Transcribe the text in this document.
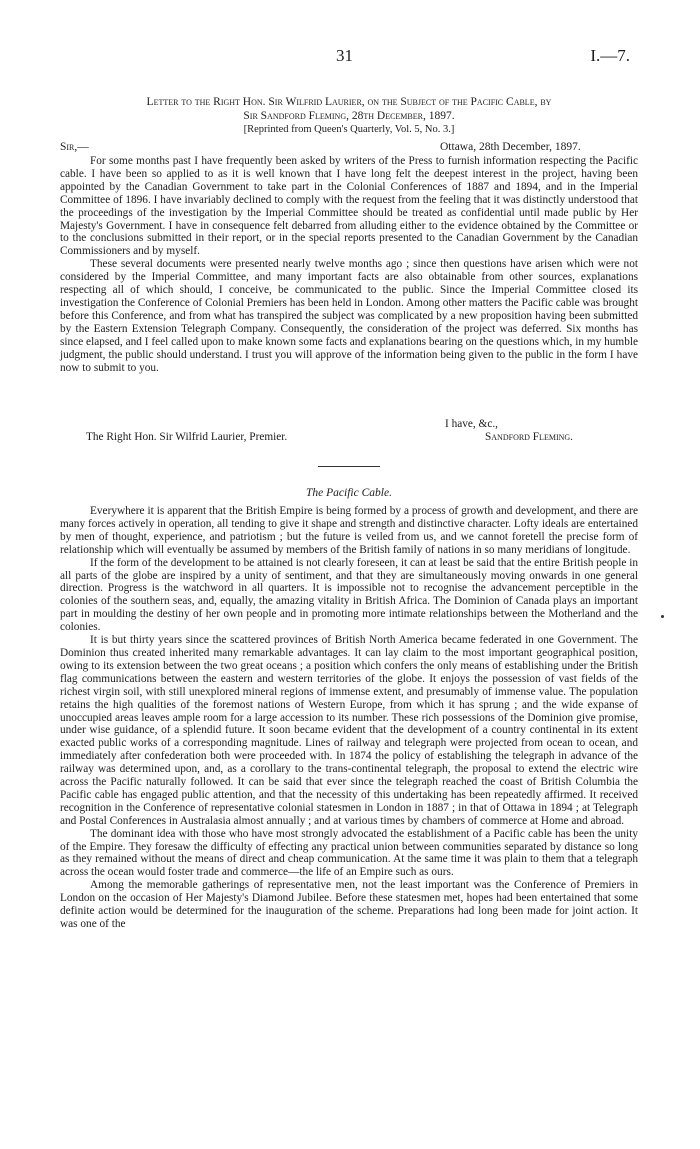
31	I.—7.
Letter to the Right Hon. Sir Wilfrid Laurier, on the Subject of the Pacific Cable, by
Sir Sandford Fleming, 28th December, 1897.
[Reprinted from Queen's Quarterly, Vol. 5, No. 3.]
Sir,—	Ottawa, 28th December, 1897.

For some months past I have frequently been asked by writers of the Press to furnish information respecting the Pacific cable. I have been so applied to as it is well known that I have long felt the deepest interest in the project, having been appointed by the Canadian Government to take part in the Colonial Conferences of 1887 and 1894, and in the Imperial Committee of 1896. I have invariably declined to comply with the request from the feeling that it was distinctly understood that the proceedings of the investigation by the Imperial Committee should be treated as confidential until made public by Her Majesty's Government. I have in consequence felt debarred from alluding either to the evidence obtained by the Committee or to the conclusions submitted in their report, or in the special reports presented to the Canadian Government by the Canadian Commissioners and by myself.

These several documents were presented nearly twelve months ago ; since then questions have arisen which were not considered by the Imperial Committee, and many important facts are also obtainable from other sources, explanations respecting all of which should, I conceive, be communicated to the public. Since the Imperial Committee closed its investigation the Conference of Colonial Premiers has been held in London. Among other matters the Pacific cable was brought before this Conference, and from what has transpired the subject was complicated by a new proposition having been submitted by the Eastern Extension Telegraph Company. Consequently, the consideration of the project was deferred. Six months has since elapsed, and I feel called upon to make known some facts and explanations bearing on the questions which, in my humble judgment, the public should understand. I trust you will approve of the information being given to the public in the form I have now to submit to you.

I have, &c.,
The Right Hon. Sir Wilfrid Laurier, Premier.	Sandford Fleming.
The Pacific Cable.

Everywhere it is apparent that the British Empire is being formed by a process of growth and development, and there are many forces actively in operation, all tending to give it shape and strength and distinctive character. Lofty ideals are entertained by men of thought, experience, and patriotism ; but the future is veiled from us, and we cannot foretell the precise form of relationship which will eventually be assumed by members of the British family of nations in so many meridians of longitude.

If the form of the development to be attained is not clearly foreseen, it can at least be said that the entire British people in all parts of the globe are inspired by a unity of sentiment, and that they are simultaneously moving onwards in one general direction. Progress is the watchword in all quarters. It is impossible not to recognise the advancement perceptible in the colonies of the southern seas, and, equally, the amazing vitality in British Africa. The Dominion of Canada plays an important part in moulding the destiny of her own people and in promoting more intimate relationships between the Motherland and the colonies.

It is but thirty years since the scattered provinces of British North America became federated in one Government. The Dominion thus created inherited many remarkable advantages. It can lay claim to the most important geographical position, owing to its extension between the two great oceans ; a position which confers the only means of establishing under the British flag communications between the eastern and western territories of the globe. It enjoys the possession of vast fields of the richest virgin soil, with still unexplored mineral regions of immense extent, and presumably of immense value. The population retains the high qualities of the foremost nations of Western Europe, from which it has sprung ; and the wide expanse of unoccupied areas leaves ample room for a large accession to its number. These rich possessions of the Dominion give promise, under wise guidance, of a splendid future. It soon became evident that the development of a country continental in its extent exacted public works of a corresponding magnitude. Lines of railway and telegraph were projected from ocean to ocean, and immediately after confederation both were proceeded with. In 1874 the policy of establishing the telegraph in advance of the railway was determined upon, and, as a corollary to the trans-continental telegraph, the proposal to extend the electric wire across the Pacific naturally followed. It can be said that ever since the telegraph reached the coast of British Columbia the Pacific cable has engaged public attention, and that the necessity of this undertaking has been repeatedly affirmed. It received recognition in the Conference of representative colonial statesmen in London in 1887 ; in that of Ottawa in 1894 ; at Telegraph and Postal Conferences in Australasia almost annually ; and at various times by chambers of commerce at Home and abroad.

The dominant idea with those who have most strongly advocated the establishment of a Pacific cable has been the unity of the Empire. They foresaw the difficulty of effecting any practical union between communities separated by distance so long as they remained without the means of direct and cheap communication. At the same time it was plain to them that a telegraph across the ocean would foster trade and commerce—the life of an Empire such as ours.

Among the memorable gatherings of representative men, not the least important was the Conference of Premiers in London on the occasion of Her Majesty's Diamond Jubilee. Before these statesmen met, hopes had been entertained that some definite action would be determined for the inauguration of the scheme. Preparations had long been made for joint action. It was one of the
